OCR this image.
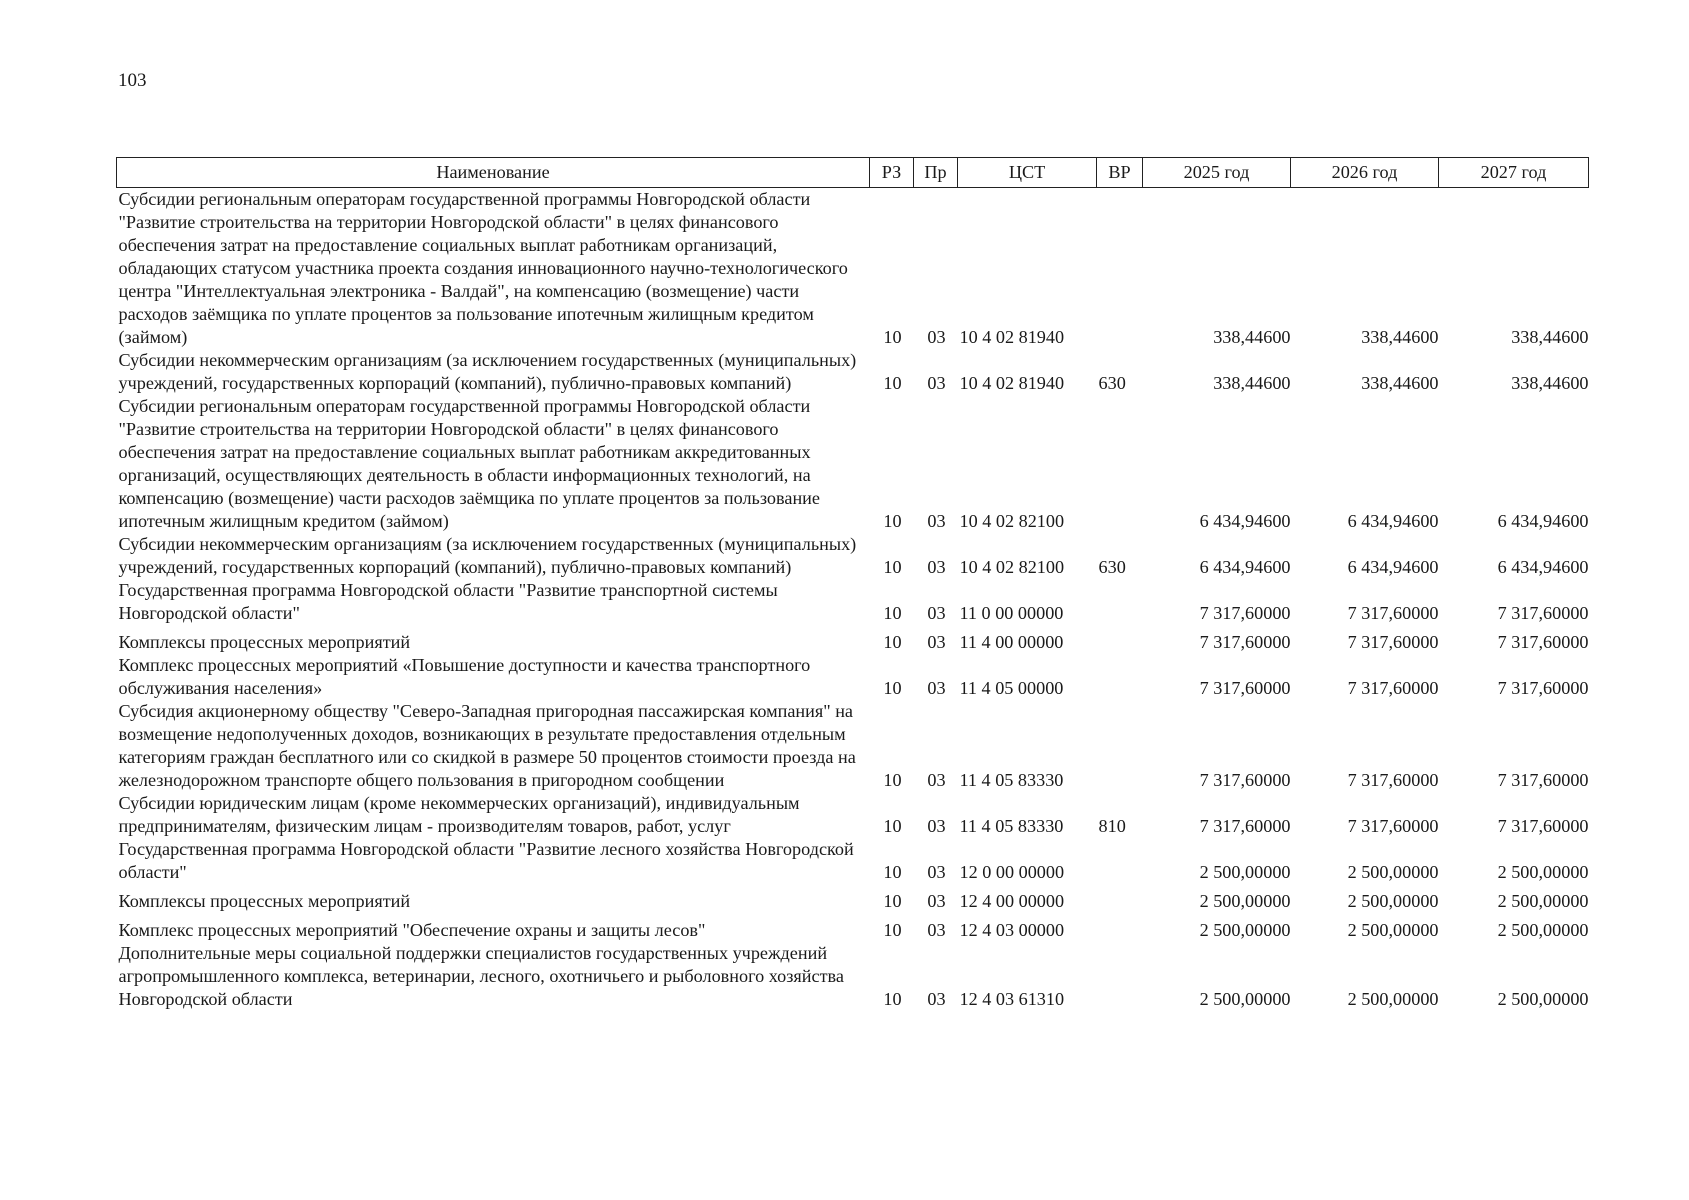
103
Наименование	РЗ	Пр	ЦСТ	ВР	2025 год	2026 год	2027 год
Субсидии региональным операторам государственной программы Новгородской области "Развитие строительства на территории Новгородской области" в целях финансового обеспечения затрат на предоставление социальных выплат работникам организаций, обладающих статусом участника проекта создания инновационного научно-технологического центра "Интеллектуальная электроника - Валдай", на компенсацию (возмещение) части расходов заёмщика по уплате процентов за пользование ипотечным жилищным кредитом (займом)	10	03	10 4 02 81940		338,44600	338,44600	338,44600
Субсидии некоммерческим организациям (за исключением государственных (муниципальных) учреждений, государственных корпораций (компаний), публично-правовых компаний)	10	03	10 4 02 81940	630	338,44600	338,44600	338,44600
Субсидии региональным операторам государственной программы Новгородской области "Развитие строительства на территории Новгородской области" в целях финансового обеспечения затрат на предоставление социальных выплат работникам аккредитованных организаций, осуществляющих деятельность в области информационных технологий, на компенсацию (возмещение) части расходов заёмщика по уплате процентов за пользование ипотечным жилищным кредитом (займом)	10	03	10 4 02 82100		6 434,94600	6 434,94600	6 434,94600
Субсидии некоммерческим организациям (за исключением государственных (муниципальных) учреждений, государственных корпораций (компаний), публично-правовых компаний)	10	03	10 4 02 82100	630	6 434,94600	6 434,94600	6 434,94600
Государственная программа Новгородской области "Развитие транспортной системы Новгородской области"	10	03	11 0 00 00000		7 317,60000	7 317,60000	7 317,60000
Комплексы процессных мероприятий	10	03	11 4 00 00000		7 317,60000	7 317,60000	7 317,60000
Комплекс процессных мероприятий «Повышение доступности и качества транспортного обслуживания населения»	10	03	11 4 05 00000		7 317,60000	7 317,60000	7 317,60000
Субсидия акционерному обществу "Северо-Западная пригородная пассажирская компания" на возмещение недополученных доходов, возникающих в результате предоставления отдельным категориям граждан бесплатного или со скидкой в размере 50 процентов стоимости проезда на железнодорожном транспорте общего пользования в пригородном сообщении	10	03	11 4 05 83330		7 317,60000	7 317,60000	7 317,60000
Субсидии юридическим лицам (кроме некоммерческих организаций), индивидуальным предпринимателям, физическим лицам - производителям товаров, работ, услуг	10	03	11 4 05 83330	810	7 317,60000	7 317,60000	7 317,60000
Государственная программа Новгородской области "Развитие лесного хозяйства Новгородской области"	10	03	12 0 00 00000		2 500,00000	2 500,00000	2 500,00000
Комплексы процессных мероприятий	10	03	12 4 00 00000		2 500,00000	2 500,00000	2 500,00000
Комплекс процессных мероприятий "Обеспечение охраны и защиты лесов"	10	03	12 4 03 00000		2 500,00000	2 500,00000	2 500,00000
Дополнительные меры социальной поддержки специалистов государственных учреждений агропромышленного комплекса, ветеринарии, лесного, охотничьего и рыболовного хозяйства Новгородской области	10	03	12 4 03 61310		2 500,00000	2 500,00000	2 500,00000
